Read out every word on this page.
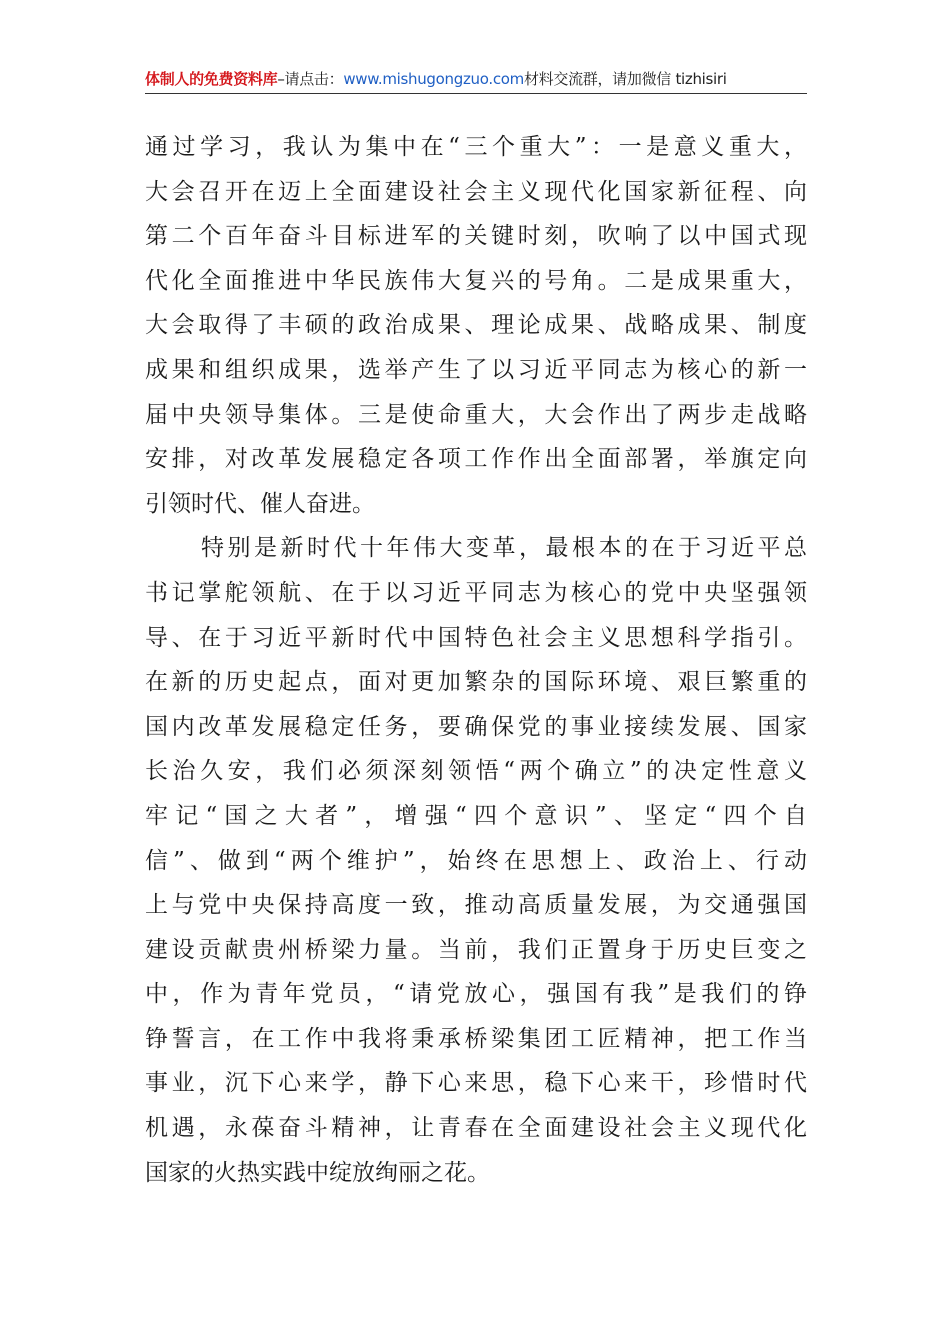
体制人的免费资料库–请点击：www.mishugongzuo.com材料交流群，请加微信 tizhisiri
通过学习，我认为集中在“三个重大”：一是意义重大，
大会召开在迈上全面建设社会主义现代化国家新征程、向
第二个百年奋斗目标进军的关键时刻，吹响了以中国式现
代化全面推进中华民族伟大复兴的号角。二是成果重大，
大会取得了丰硕的政治成果、理论成果、战略成果、制度
成果和组织成果，选举产生了以习近平同志为核心的新一
届中央领导集体。三是使命重大，大会作出了两步走战略
安排，对改革发展稳定各项工作作出全面部署，举旗定向
引领时代、催人奋进。
特别是新时代十年伟大变革，最根本的在于习近平总
书记掌舵领航、在于以习近平同志为核心的党中央坚强领
导、在于习近平新时代中国特色社会主义思想科学指引。
在新的历史起点，面对更加繁杂的国际环境、艰巨繁重的
国内改革发展稳定任务，要确保党的事业接续发展、国家
长治久安，我们必须深刻领悟“两个确立”的决定性意义
牢记“国之大者”，增强“四个意识”、坚定“四个自
信”、做到“两个维护”，始终在思想上、政治上、行动
上与党中央保持高度一致，推动高质量发展，为交通强国
建设贡献贵州桥梁力量。当前，我们正置身于历史巨变之
中，作为青年党员，“请党放心，强国有我”是我们的铮
铮誓言，在工作中我将秉承桥梁集团工匠精神，把工作当
事业，沉下心来学，静下心来思，稳下心来干，珍惜时代
机遇，永葆奋斗精神，让青春在全面建设社会主义现代化
国家的火热实践中绽放绚丽之花。
